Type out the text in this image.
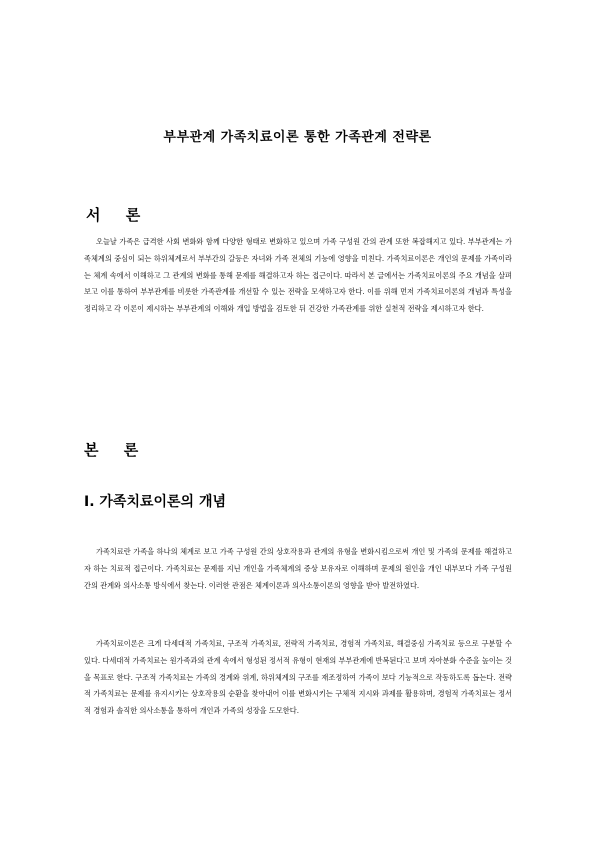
부부관계 가족치료이론 통한 가족관계 전략론
서 론
오늘날 가족은 급격한 사회 변화와 함께 다양한 형태로 변화하고 있으며 가족 구성원 간의 관계 또한 복잡해지고 있다. 부부관계는 가족체계의 중심이 되는 하위체계로서 부부간의 갈등은 자녀와 가족 전체의 기능에 영향을 미친다. 가족치료이론은 개인의 문제를 가족이라는 체계 속에서 이해하고 그 관계의 변화를 통해 문제를 해결하고자 하는 접근이다. 따라서 본 글에서는 가족치료이론의 주요 개념을 살펴보고 이를 통하여 부부관계를 비롯한 가족관계를 개선할 수 있는 전략을 모색하고자 한다. 이를 위해 먼저 가족치료이론의 개념과 특성을 정리하고 각 이론이 제시하는 부부관계의 이해와 개입 방법을 검토한 뒤 건강한 가족관계를 위한 실천적 전략을 제시하고자 한다.
본 론
Ⅰ. 가족치료이론의 개념
가족치료란 가족을 하나의 체계로 보고 가족 구성원 간의 상호작용과 관계의 유형을 변화시킴으로써 개인 및 가족의 문제를 해결하고자 하는 치료적 접근이다. 가족치료는 문제를 지닌 개인을 가족체계의 증상 보유자로 이해하며 문제의 원인을 개인 내부보다 가족 구성원 간의 관계와 의사소통 방식에서 찾는다. 이러한 관점은 체계이론과 의사소통이론의 영향을 받아 발전하였다.
가족치료이론은 크게 다세대적 가족치료, 구조적 가족치료, 전략적 가족치료, 경험적 가족치료, 해결중심 가족치료 등으로 구분할 수 있다. 다세대적 가족치료는 원가족과의 관계 속에서 형성된 정서적 유형이 현재의 부부관계에 반복된다고 보며 자아분화 수준을 높이는 것을 목표로 한다. 구조적 가족치료는 가족의 경계와 위계, 하위체계의 구조를 재조정하여 가족이 보다 기능적으로 작동하도록 돕는다. 전략적 가족치료는 문제를 유지시키는 상호작용의 순환을 찾아내어 이를 변화시키는 구체적 지시와 과제를 활용하며, 경험적 가족치료는 정서적 경험과 솔직한 의사소통을 통하여 개인과 가족의 성장을 도모한다.
